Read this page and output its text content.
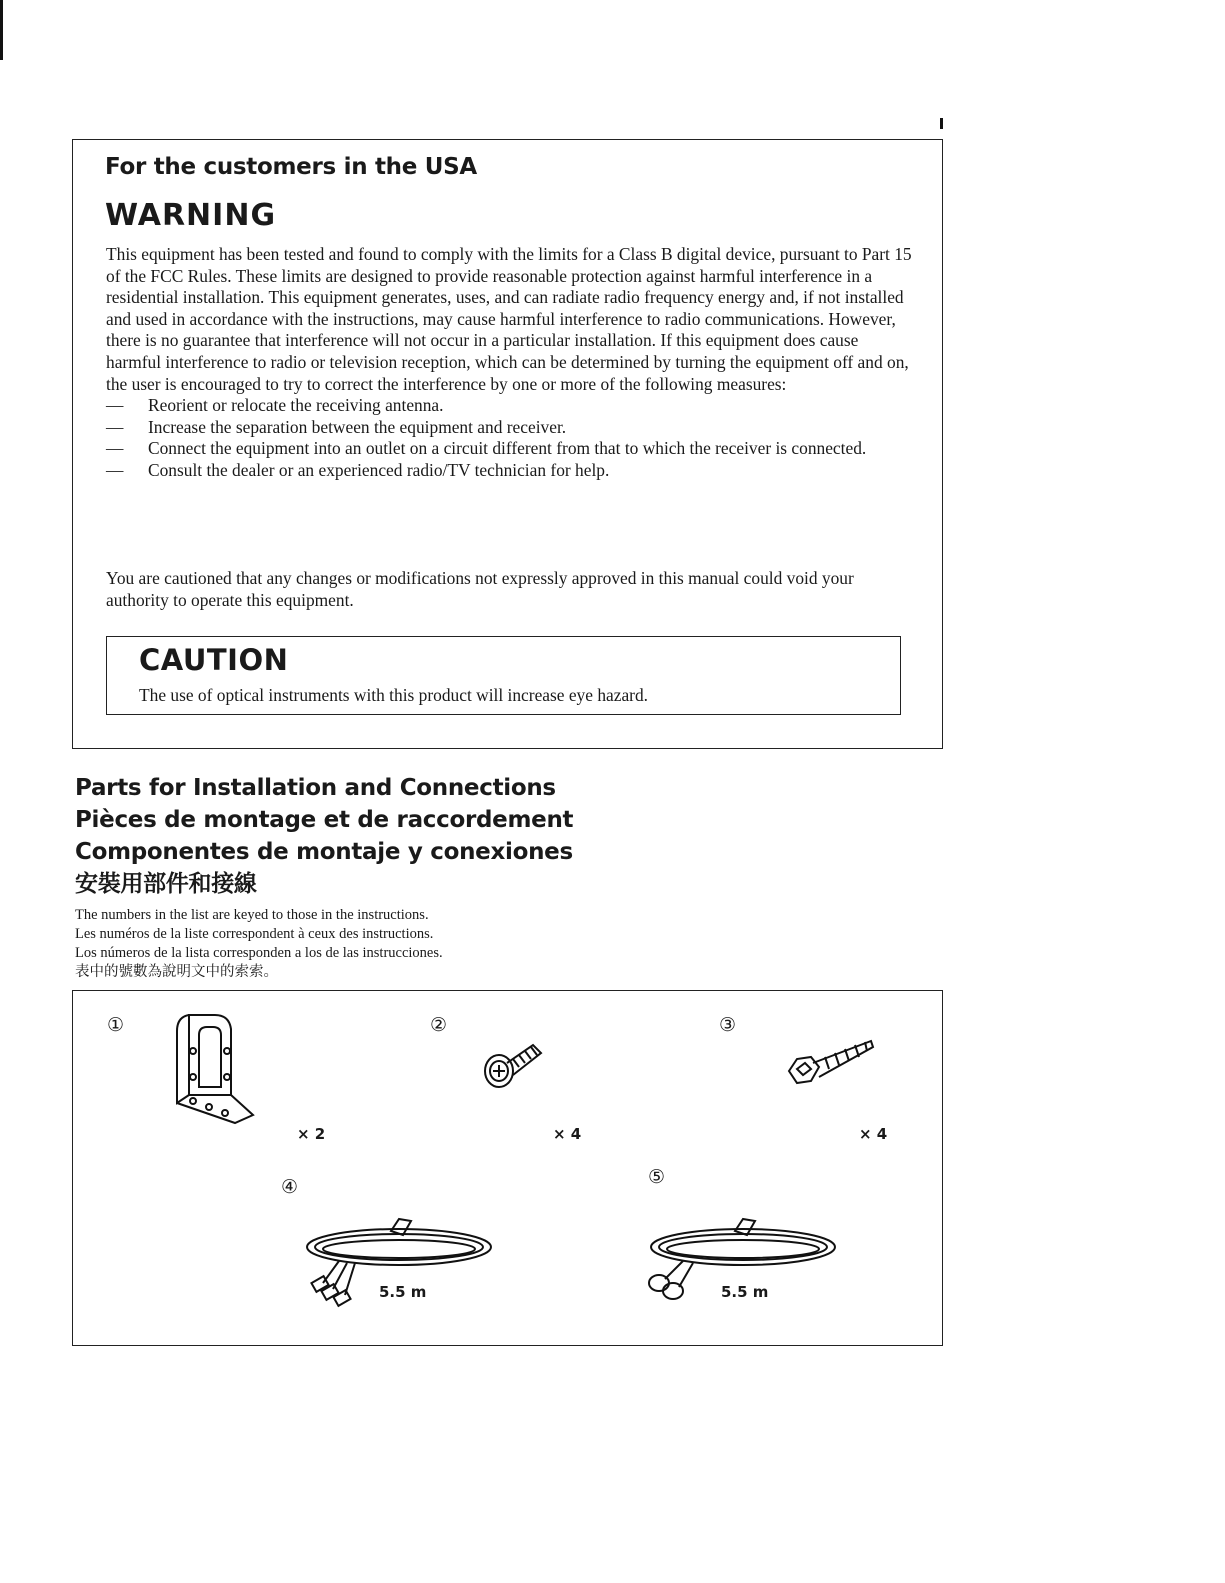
For the customers in the USA
WARNING

This equipment has been tested and found to comply with the limits for a Class B digital device, pursuant to Part 15 of the FCC Rules. These limits are designed to provide reasonable protection against harmful interference in a residential installation. This equipment generates, uses, and can radiate radio frequency energy and, if not installed and used in accordance with the instructions, may cause harmful interference to radio communications. However, there is no guarantee that interference will not occur in a particular installation. If this equipment does cause harmful interference to radio or television reception, which can be determined by turning the equipment off and on, the user is encouraged to try to correct the interference by one or more of the following measures:

— Reorient or relocate the receiving antenna.
— Increase the separation between the equipment and receiver.
— Connect the equipment into an outlet on a circuit different from that to which the receiver is connected.
— Consult the dealer or an experienced radio/TV technician for help.

You are cautioned that any changes or modifications not expressly approved in this manual could void your authority to operate this equipment.

CAUTION

The use of optical instruments with this product will increase eye hazard.

Parts for Installation and Connections
Pièces de montage et de raccordement
Componentes de montaje y conexiones
安裝用部件和接線
The numbers in the list are keyed to those in the instructions.
Les numéros de la liste correspondent à ceux des instructions.
Los números de la lista corresponden a los de las instrucciones.
表中的號數為說明文中的索索。
①
× 2
②
× 4
③
× 4
④
5.5 m
⑤
5.5 m
